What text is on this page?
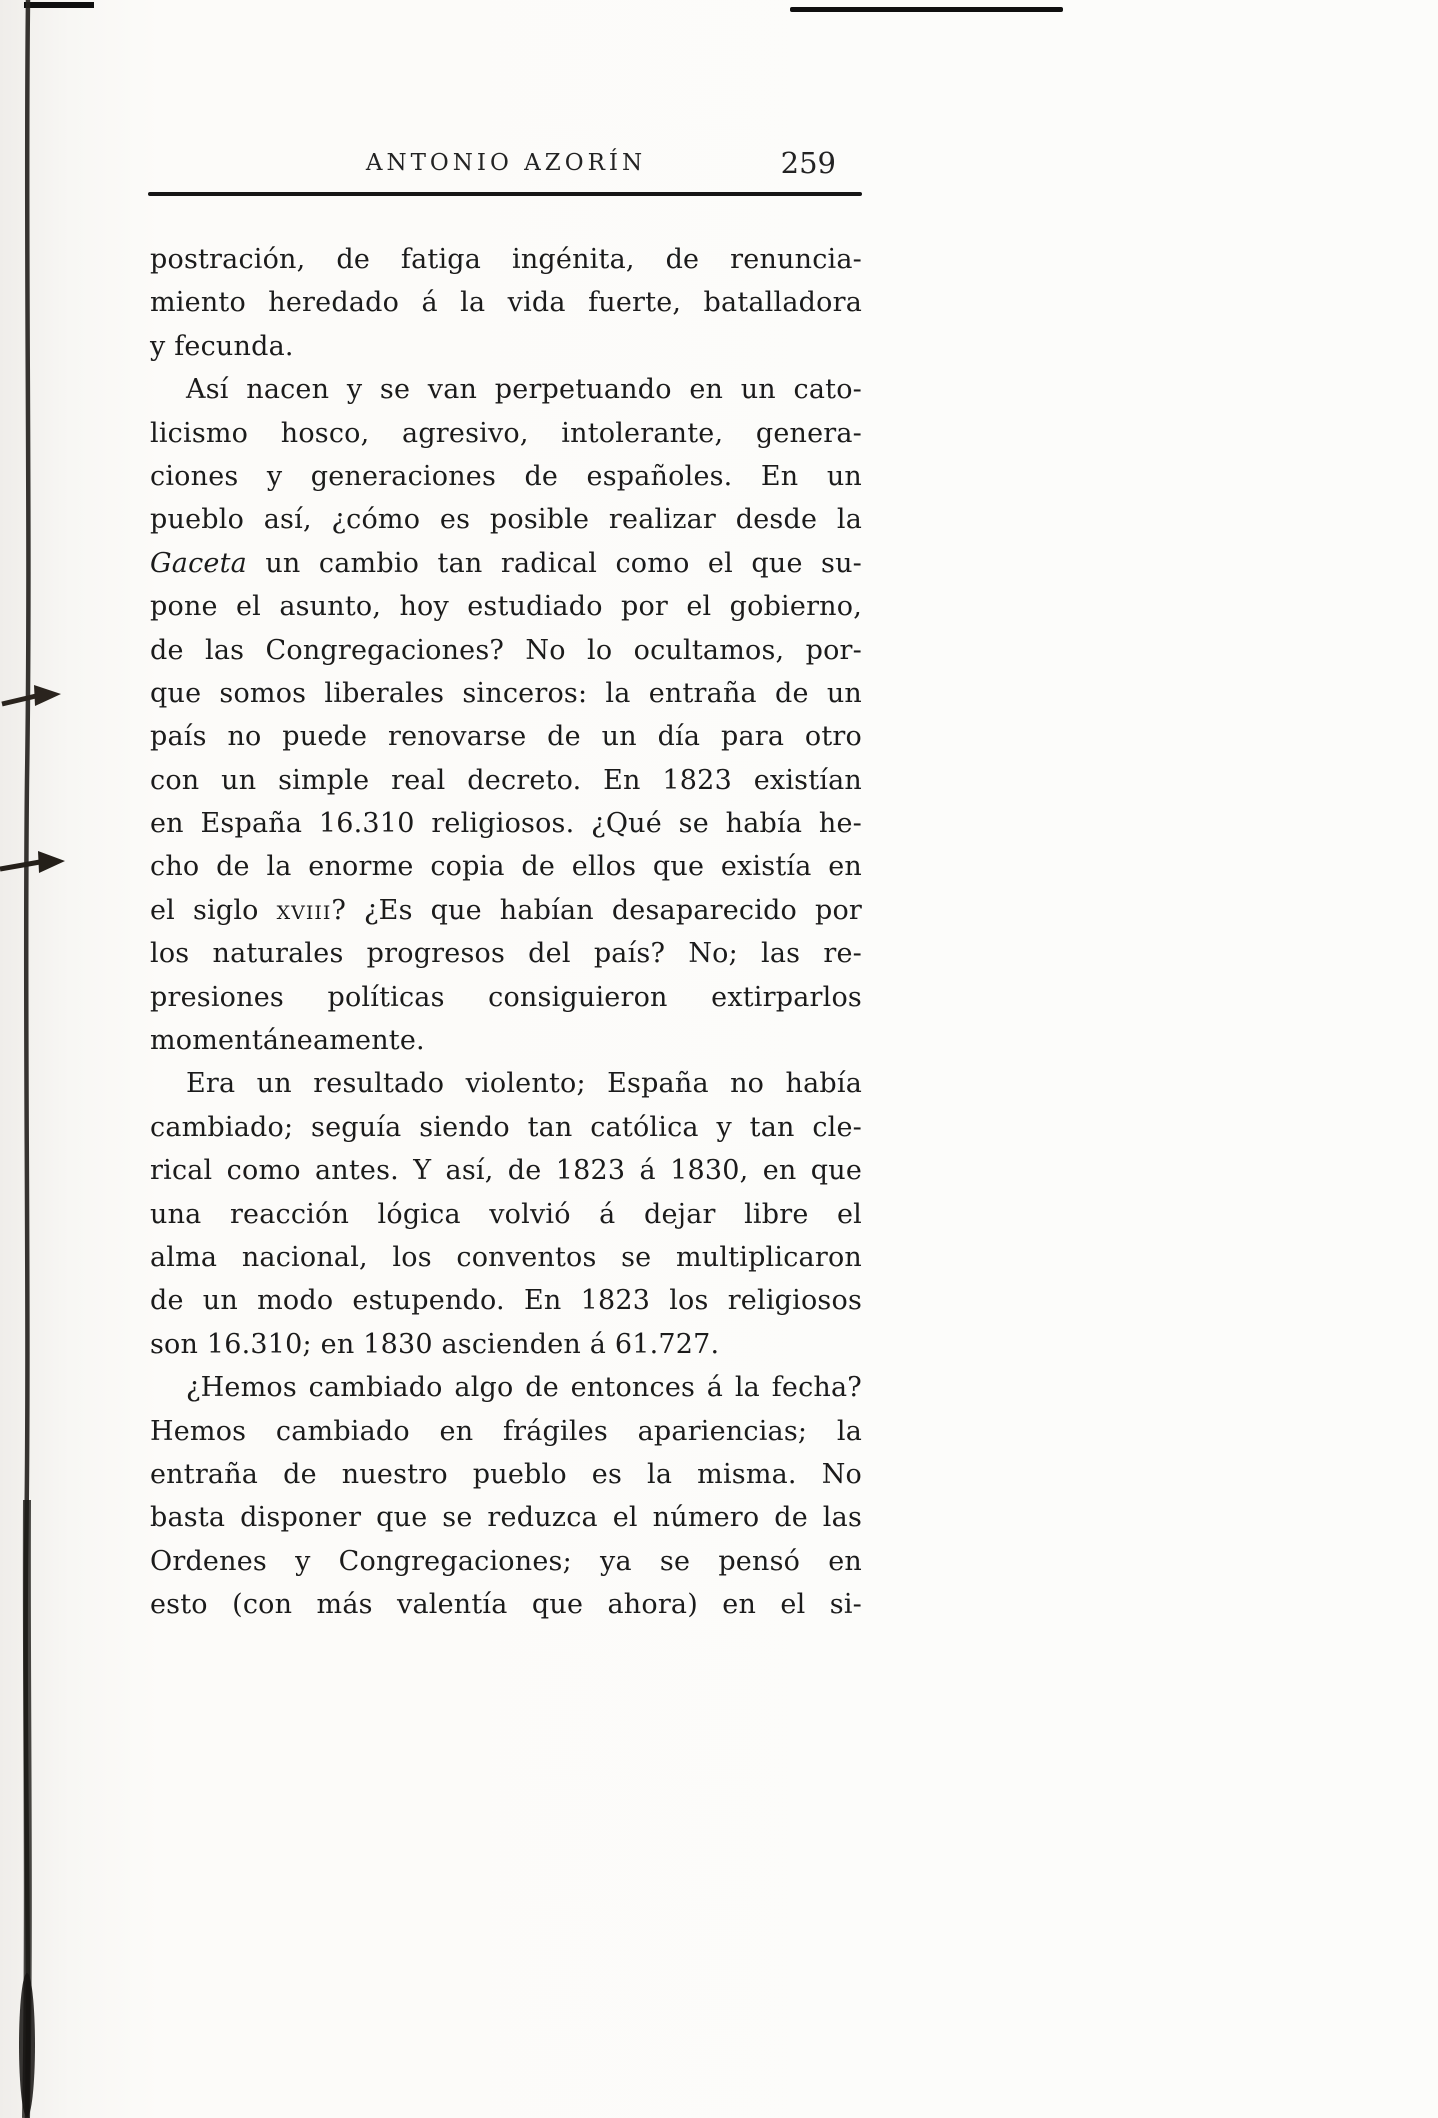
ANTONIO AZORÍN	259
postración, de fatiga ingénita, de renuncia-
miento heredado á la vida fuerte, batalladora
y fecunda.
Así nacen y se van perpetuando en un cato-
licismo hosco, agresivo, intolerante, genera-
ciones y generaciones de españoles. En un
pueblo así, ¿cómo es posible realizar desde la
Gaceta un cambio tan radical como el que su-
pone el asunto, hoy estudiado por el gobierno,
de las Congregaciones? No lo ocultamos, por-
que somos liberales sinceros: la entraña de un
país no puede renovarse de un día para otro
con un simple real decreto. En 1823 existían
en España 16.310 religiosos. ¿Qué se había he-
cho de la enorme copia de ellos que existía en
el siglo xviii? ¿Es que habían desaparecido por
los naturales progresos del país? No; las re-
presiones políticas consiguieron extirparlos
momentáneamente.
Era un resultado violento; España no había
cambiado; seguía siendo tan católica y tan cle-
rical como antes. Y así, de 1823 á 1830, en que
una reacción lógica volvió á dejar libre el
alma nacional, los conventos se multiplicaron
de un modo estupendo. En 1823 los religiosos
son 16.310; en 1830 ascienden á 61.727.
¿Hemos cambiado algo de entonces á la fecha?
Hemos cambiado en frágiles apariencias; la
entraña de nuestro pueblo es la misma. No
basta disponer que se reduzca el número de las
Ordenes y Congregaciones; ya se pensó en
esto (con más valentía que ahora) en el si-
